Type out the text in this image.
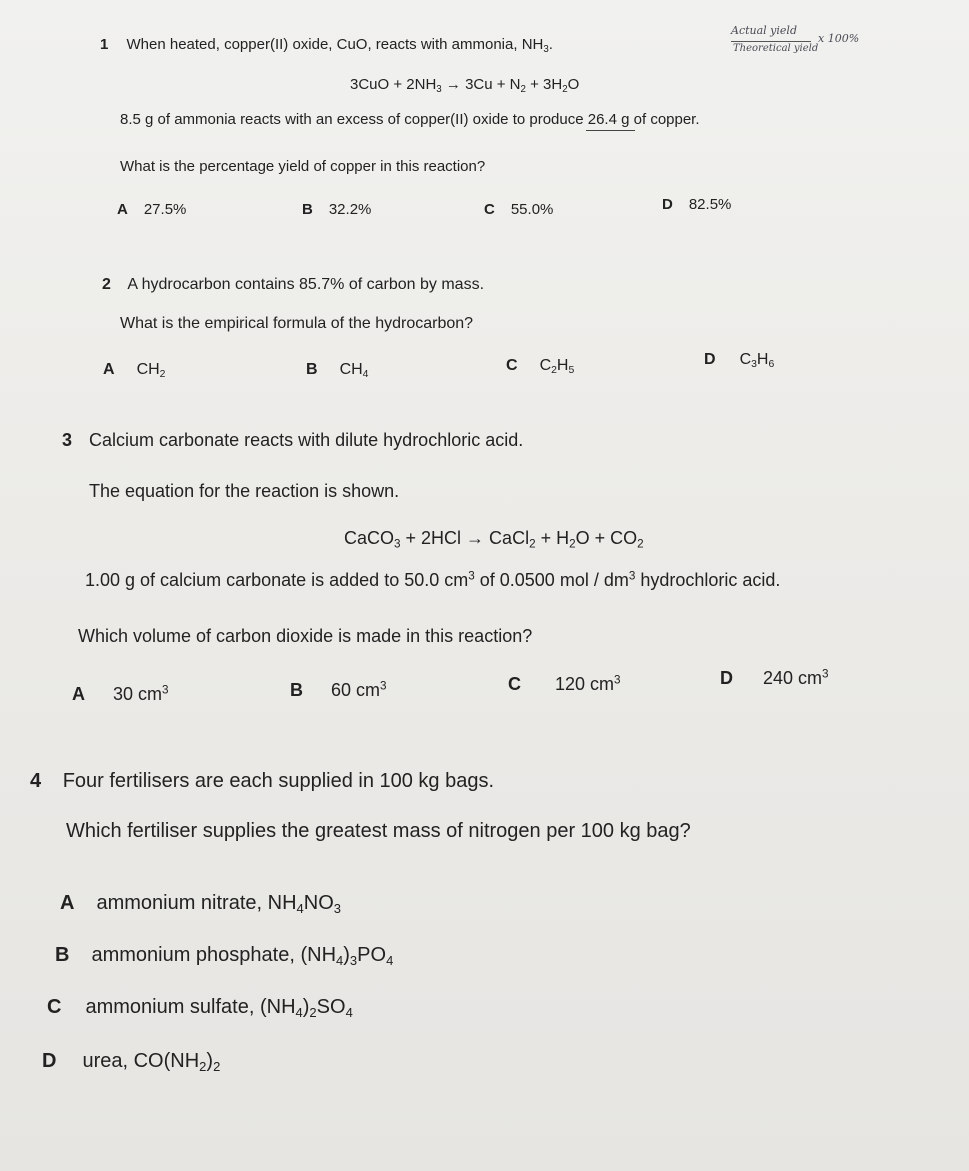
1 When heated, copper(II) oxide, CuO, reacts with ammonia, $NH_3$.
Actual yield
Theoretical yield
x 100%
$3CuO + 2NH_3 \to 3Cu + N_2 + 3H_2O$
8.5 g of ammonia reacts with an excess of copper(II) oxide to produce 26.4 g
of copper.
What is the percentage yield of copper in this reaction?
A 27.5%	B 32.2%	C 55.0%	D 82.5%
2 A hydrocarbon contains 85.7% of carbon by mass.
What is the empirical formula of the hydrocarbon?
A $CH_2$	B $CH_4$
C $C_2H_5$
D $C_3H_6$
3 Calcium carbonate reacts with dilute hydrochloric acid.
The equation for the reaction is shown.
CaCO$_3$ + 2HCl → CaCl$_2$ + $H_2O + CO_2$
1.00 g of calcium carbonate is added to 50.0 $cm^3$ of 0.0500 mol / $dm^3$ hydrochloric acid.
Which volume of carbon dioxide is made in this reaction?
A 30 $cm^3$	B 60 $cm^3$	C 120 $cm^3$	D 240 $cm^3$
4 Four fertilisers are each supplied in 100 kg bags.
Which fertiliser supplies the greatest mass of nitrogen per 100 kg bag?
A ammonium nitrate, $NH_4NO_3$
B ammonium phosphate, $(NH_4)_3PO_4$
C ammonium sulfate, $(NH_4)_2SO_4$
D urea, $CO(NH_2)_2$
